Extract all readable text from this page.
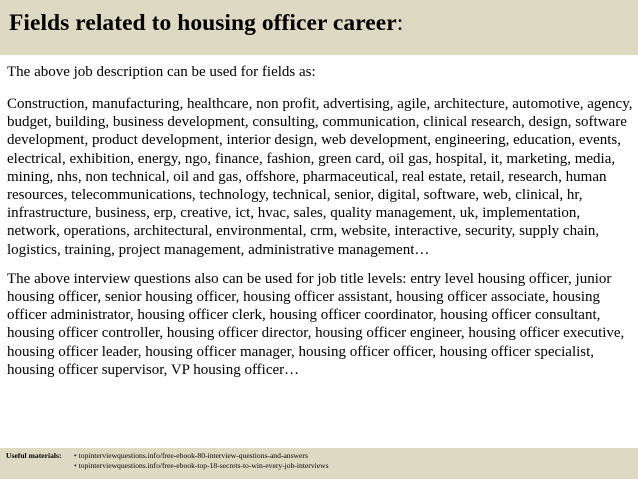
Fields related to housing officer career:
The above job description can be used for fields as:
Construction, manufacturing, healthcare, non profit, advertising, agile, architecture, automotive, agency, budget, building, business development, consulting, communication, clinical research, design, software development, product development, interior design, web development, engineering, education, events, electrical, exhibition, energy, ngo, finance, fashion, green card, oil gas, hospital, it, marketing, media, mining, nhs, non technical, oil and gas, offshore, pharmaceutical, real estate, retail, research, human resources, telecommunications, technology, technical, senior, digital, software, web, clinical, hr, infrastructure, business, erp, creative, ict, hvac, sales, quality management, uk, implementation, network, operations, architectural, environmental, crm, website, interactive, security, supply chain, logistics, training, project management, administrative management…
The above interview questions also can be used for job title levels: entry level housing officer, junior housing officer, senior housing officer, housing officer assistant, housing officer associate, housing officer administrator, housing officer clerk, housing officer coordinator, housing officer consultant, housing officer controller, housing officer director, housing officer engineer, housing officer executive, housing officer leader, housing officer manager, housing officer officer, housing officer specialist, housing officer supervisor, VP housing officer…
Useful materials:	• topinterviewquestions.info/free-ebook-80-interview-questions-and-answers
• topinterviewquestions.info/free-ebook-top-18-secrets-to-win-every-job-interviews
